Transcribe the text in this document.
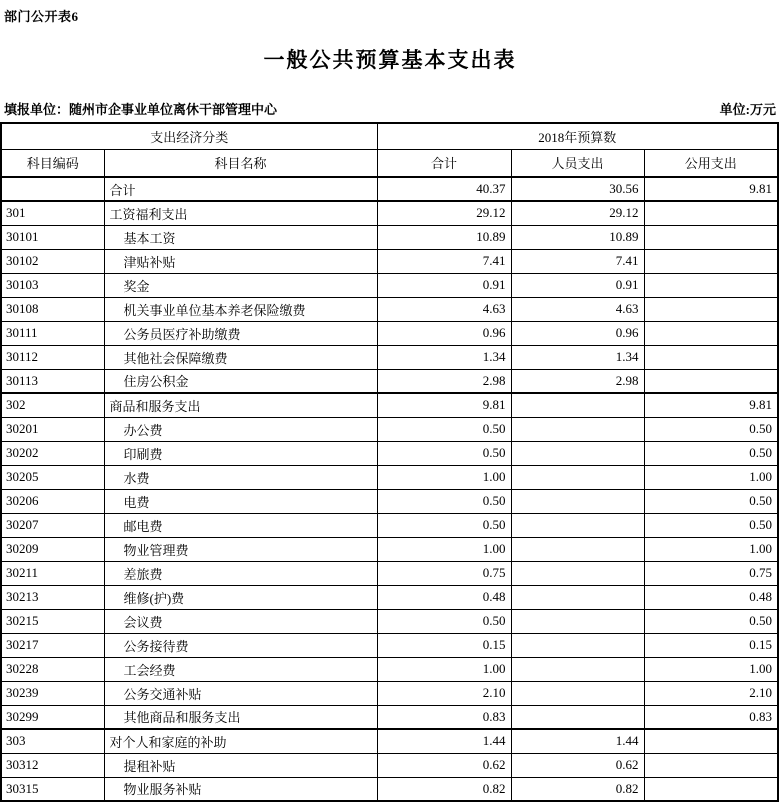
部门公开表6
一般公共预算基本支出表
填报单位：随州市企事业单位离休干部管理中心	单位:万元
支出经济分类		2018年预算数		
科目编码	科目名称	合计	人员支出	公用支出
	合计	40.37	30.56	9.81
301	工资福利支出	29.12	29.12	
30101	基本工资	10.89	10.89	
30102	津贴补贴	7.41	7.41	
30103	奖金	0.91	0.91	
30108	机关事业单位基本养老保险缴费	4.63	4.63	
30111	公务员医疗补助缴费	0.96	0.96	
30112	其他社会保障缴费	1.34	1.34	
30113	住房公积金	2.98	2.98	
302	商品和服务支出	9.81		9.81
30201	办公费	0.50		0.50
30202	印刷费	0.50		0.50
30205	水费	1.00		1.00
30206	电费	0.50		0.50
30207	邮电费	0.50		0.50
30209	物业管理费	1.00		1.00
30211	差旅费	0.75		0.75
30213	维修(护)费	0.48		0.48
30215	会议费	0.50		0.50
30217	公务接待费	0.15		0.15
30228	工会经费	1.00		1.00
30239	公务交通补贴	2.10		2.10
30299	其他商品和服务支出	0.83		0.83
303	对个人和家庭的补助	1.44	1.44	
30312	提租补贴	0.62	0.62	
30315	物业服务补贴	0.82	0.82	
